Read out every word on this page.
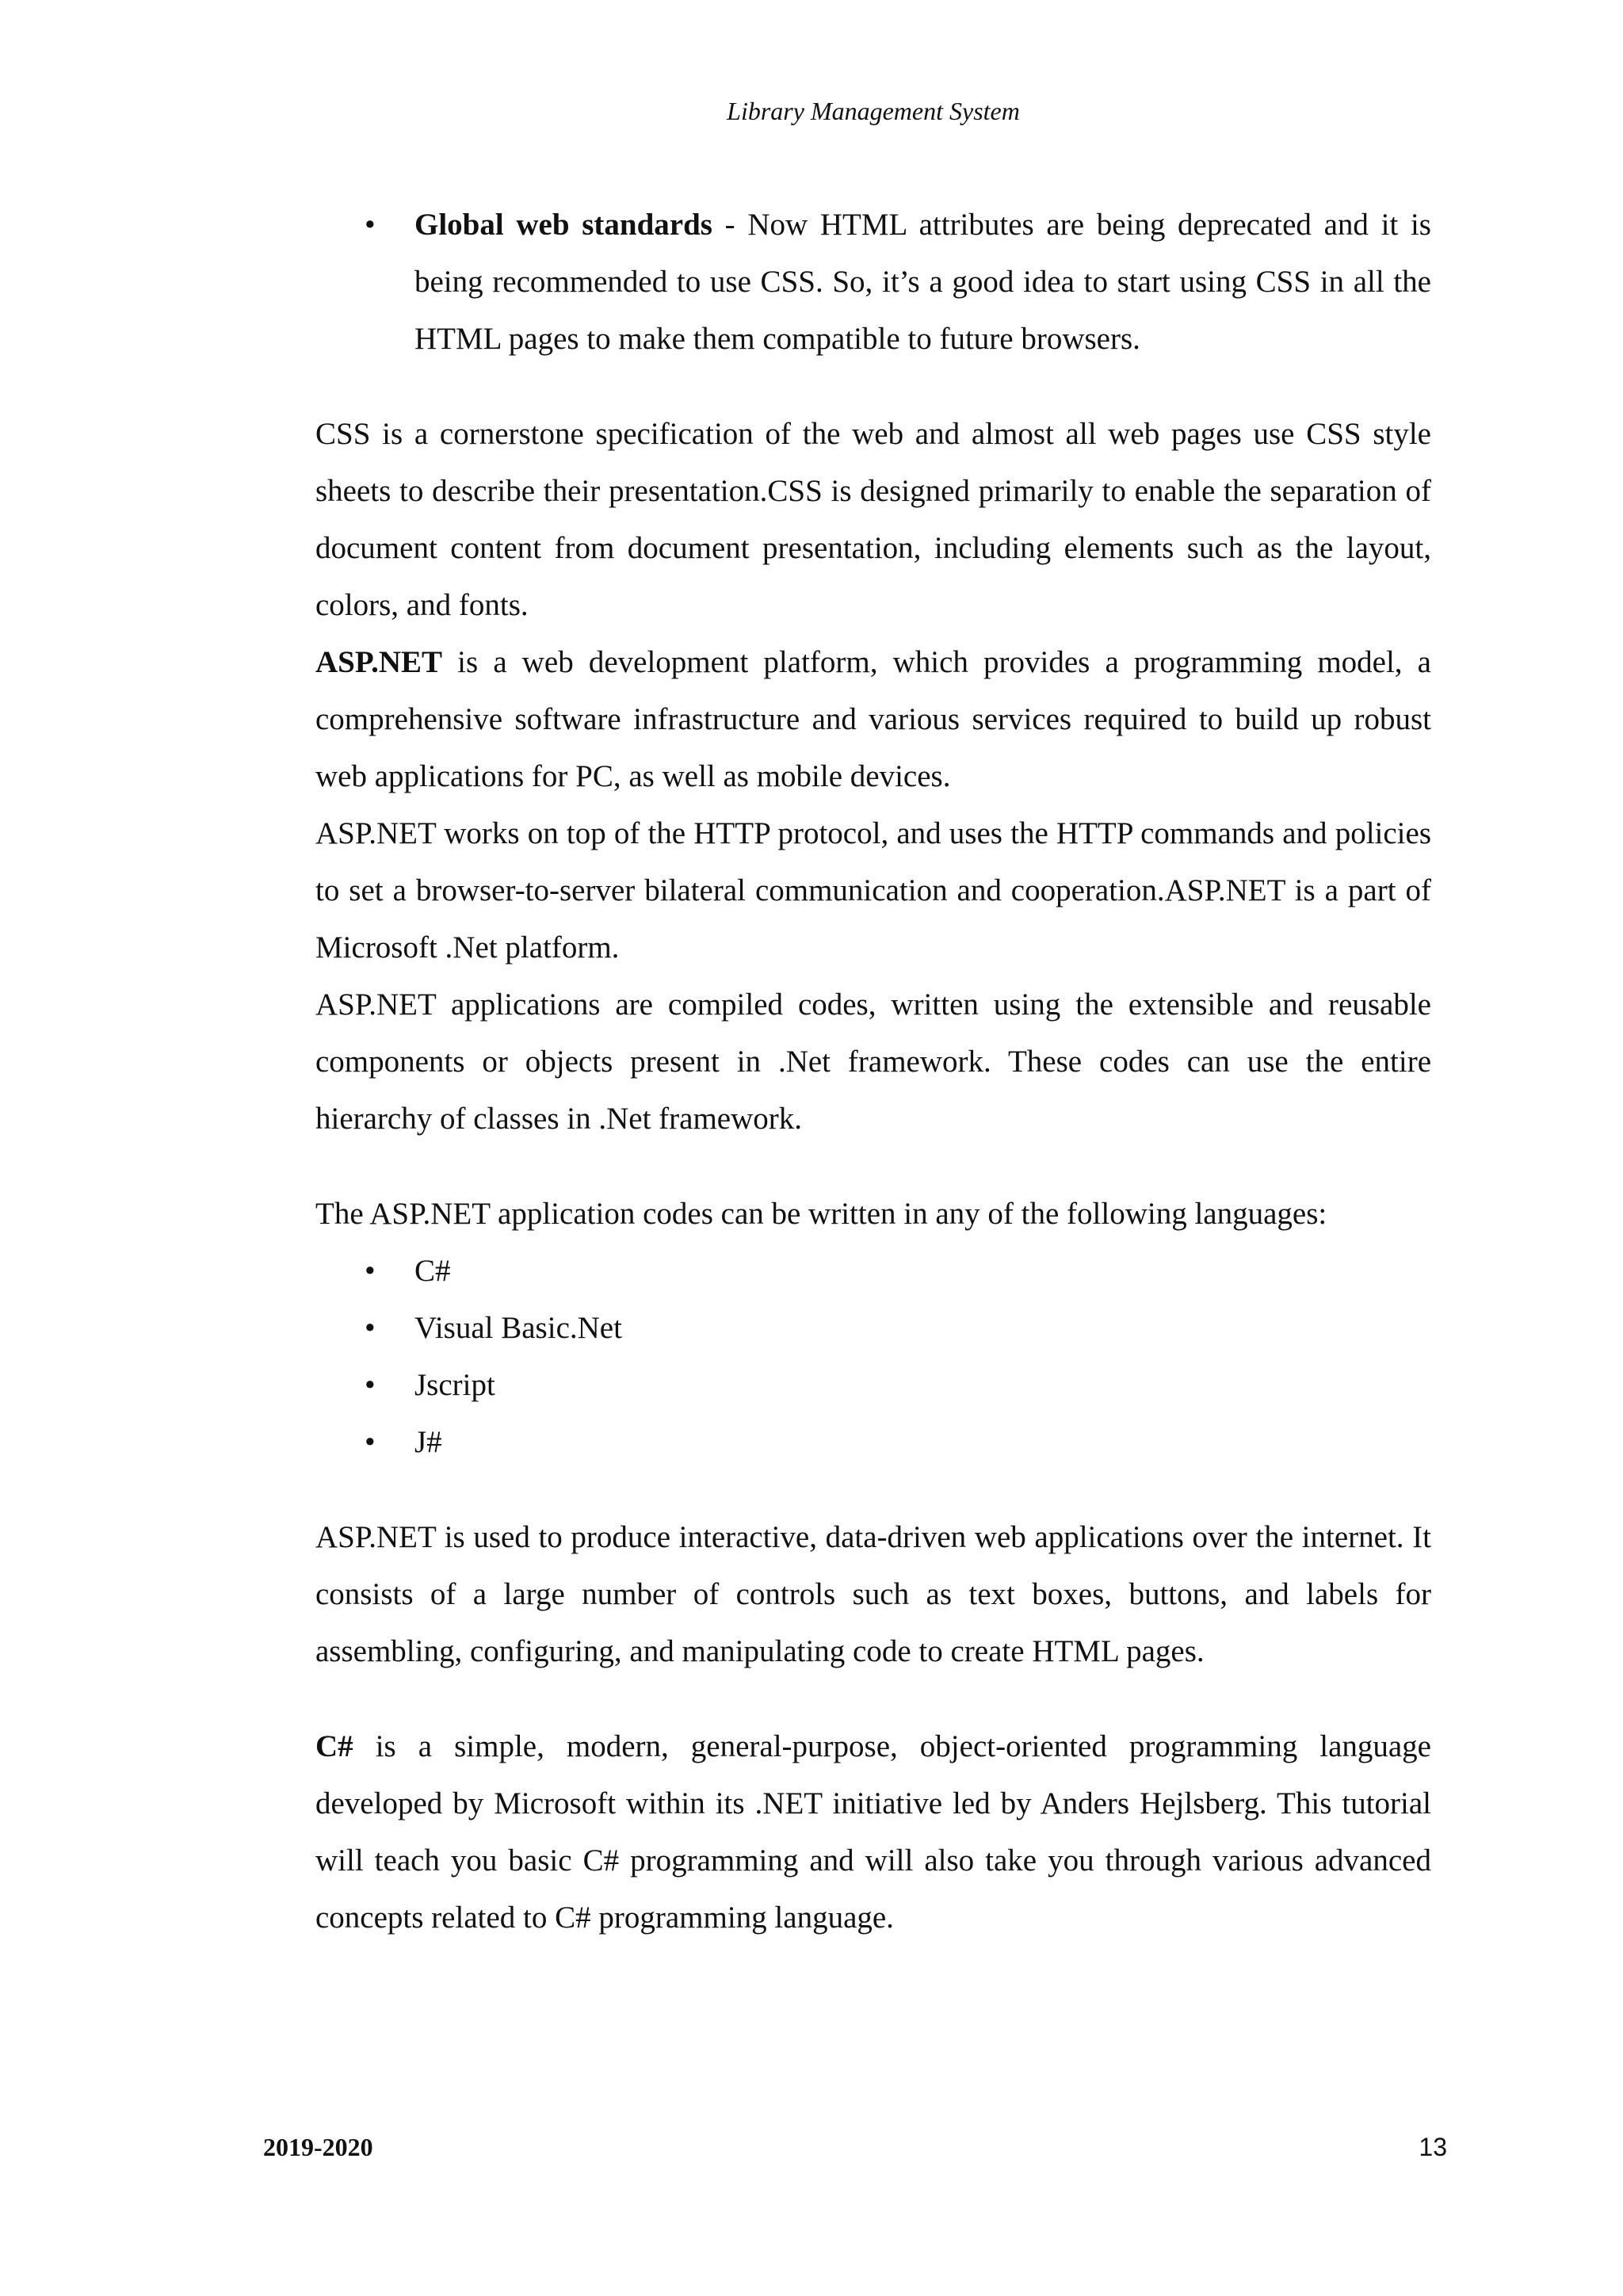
Library Management System
• Global web standards - Now HTML attributes are being deprecated and it is being recommended to use CSS. So, it’s a good idea to start using CSS in all the HTML pages to make them compatible to future browsers.

CSS is a cornerstone specification of the web and almost all web pages use CSS style sheets to describe their presentation.CSS is designed primarily to enable the separation of document content from document presentation, including elements such as the layout, colors, and fonts.

ASP.NET is a web development platform, which provides a programming model, a comprehensive software infrastructure and various services required to build up robust web applications for PC, as well as mobile devices.

ASP.NET works on top of the HTTP protocol, and uses the HTTP commands and policies to set a browser-to-server bilateral communication and cooperation.ASP.NET is a part of Microsoft .Net platform.

ASP.NET applications are compiled codes, written using the extensible and reusable components or objects present in .Net framework. These codes can use the entire hierarchy of classes in .Net framework.

The ASP.NET application codes can be written in any of the following languages:

• C#
• Visual Basic.Net
• Jscript
• J#

ASP.NET is used to produce interactive, data-driven web applications over the internet. It consists of a large number of controls such as text boxes, buttons, and labels for assembling, configuring, and manipulating code to create HTML pages.

C# is a simple, modern, general-purpose, object-oriented programming language developed by Microsoft within its .NET initiative led by Anders Hejlsberg. This tutorial will teach you basic C# programming and will also take you through various advanced concepts related to C# programming language.

2019-2020	13
